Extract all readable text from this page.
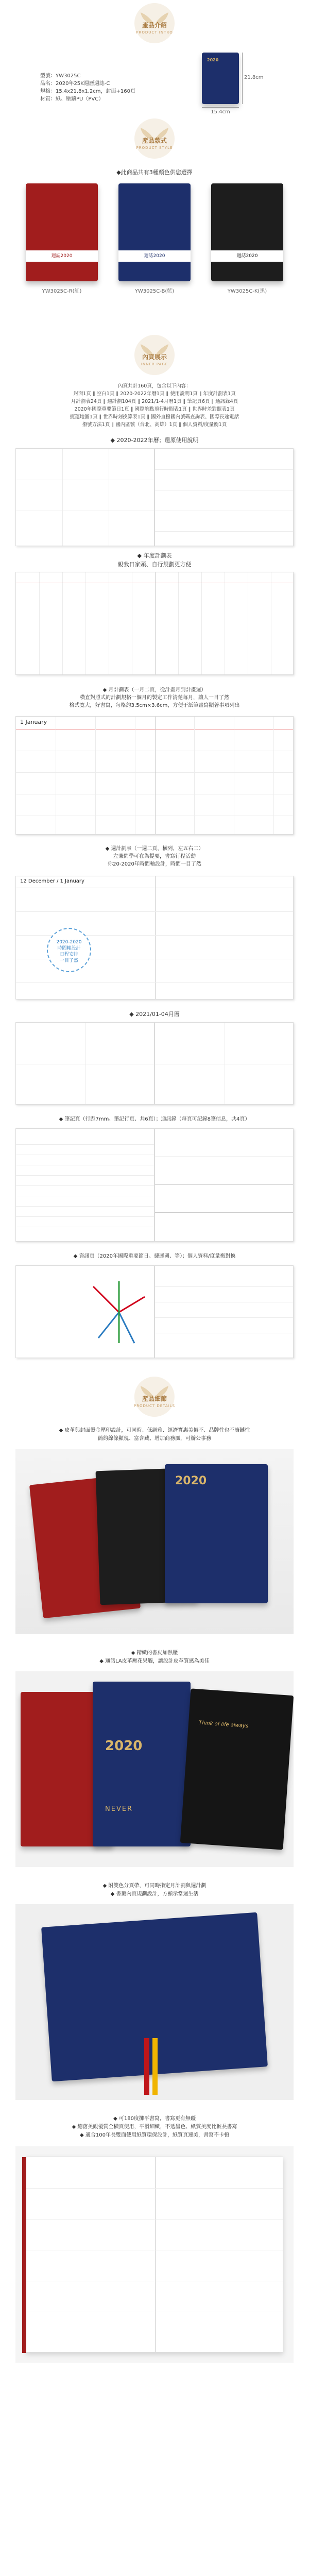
產品介紹
PRODUCT INTRO
型號：YW3025C
品名：2020年25K週曆週誌-C
規格：15.4x21.8x1.2cm，封面+160頁
材質：紙、壓鑄PU（PVC）
2020
21.8cm
15.4cm
產品款式
PRODUCT STYLE
◆此商品共有3種顏色供您選擇
週誌2020	週誌2020	週誌2020
YW3025C-R(紅)	YW3025C-B(藍)	YW3025C-K(黑)
內頁展示
INNER PAGE
內頁共計160頁，包含以下內容：
封面1頁 ∥ 空白1頁 ∥ 2020-2022年曆1頁 ∥ 使用說明1頁 ∥ 年度計劃表1頁
月計劃表24頁 ∥ 週計劃104頁 ∥ 2021/1-4月曆1頁 ∥ 筆記頁6頁 ∥ 通訊錄4頁
2020年國際重要節日1頁 ∥ 國際航點飛行時間表1頁 ∥ 世界時差對照表1頁
捷運地圖1頁 ∥ 世界時刻換算表1頁 ∥ 國外直撥國內號碼查詢表、國際長途電話
撥號方法1頁 ∥ 國內區號（台北、高雄）1頁 ∥ 個人資料/度量衡1頁
◆ 2020-2022年曆；還原使用說明
◆ 年度計劃表
親我日家頭、自行規劃更方便
◆ 月計劃表（一月二頁，從計畫月到計畫週）
橫直對照式的計劃規格一個月的製定工作清楚每月，讓人一目了然
格式寬大，好書寫，每格約3.5cm×3.6cm，方便于紙筆畫寫顯著事項列出
1 January
◆ 週計劃表（一週二頁，横列，左五右二）
左兼問學可在為提要，書寫行程活動
你20-2020年時間軸設計，時間一目了然
12 December / 1 January
2020-2020
時間軸設計
日程安排
一目了然
◆ 2021/01-04月曆
◆ 筆記頁（行距7mm、筆記行頁、共6頁）；通訊錄（每頁可記錄8筆信息，共4頁）
◆ 資訊頁（2020年國際重要節日、捷運圖、等）；個人資料/度量衡對換
產品細節
PRODUCT DETAILS
◆ 皮革與封面燙金壓印設計，可同時、低調雅、經濟實惠美價不、品牌性也不廢鏈性
簡約線條顯現、富含藏、增加商務風，可辦公事務
2020
◆ 精緻的書皮加熱壓
◆ 通話LA皮革壓花果觸，讓設計皮革質感為美佳
2020
NEVER
Think of life always
◆ 附雙色分頁帶，可同時指定月計劃與週計劃
◆ 書籤內頁規劃設計，方顯示當週生活
◆ 可180度攤平書寫，書寫更有無礙
◆ 總落美觀優質全橫頁使用，平滑細緻，不透墨色、紙質美度比較長書寫
◆ 適合100年長雙面使用紙質環保設計，紙質頁連美，書寫不卡頓
